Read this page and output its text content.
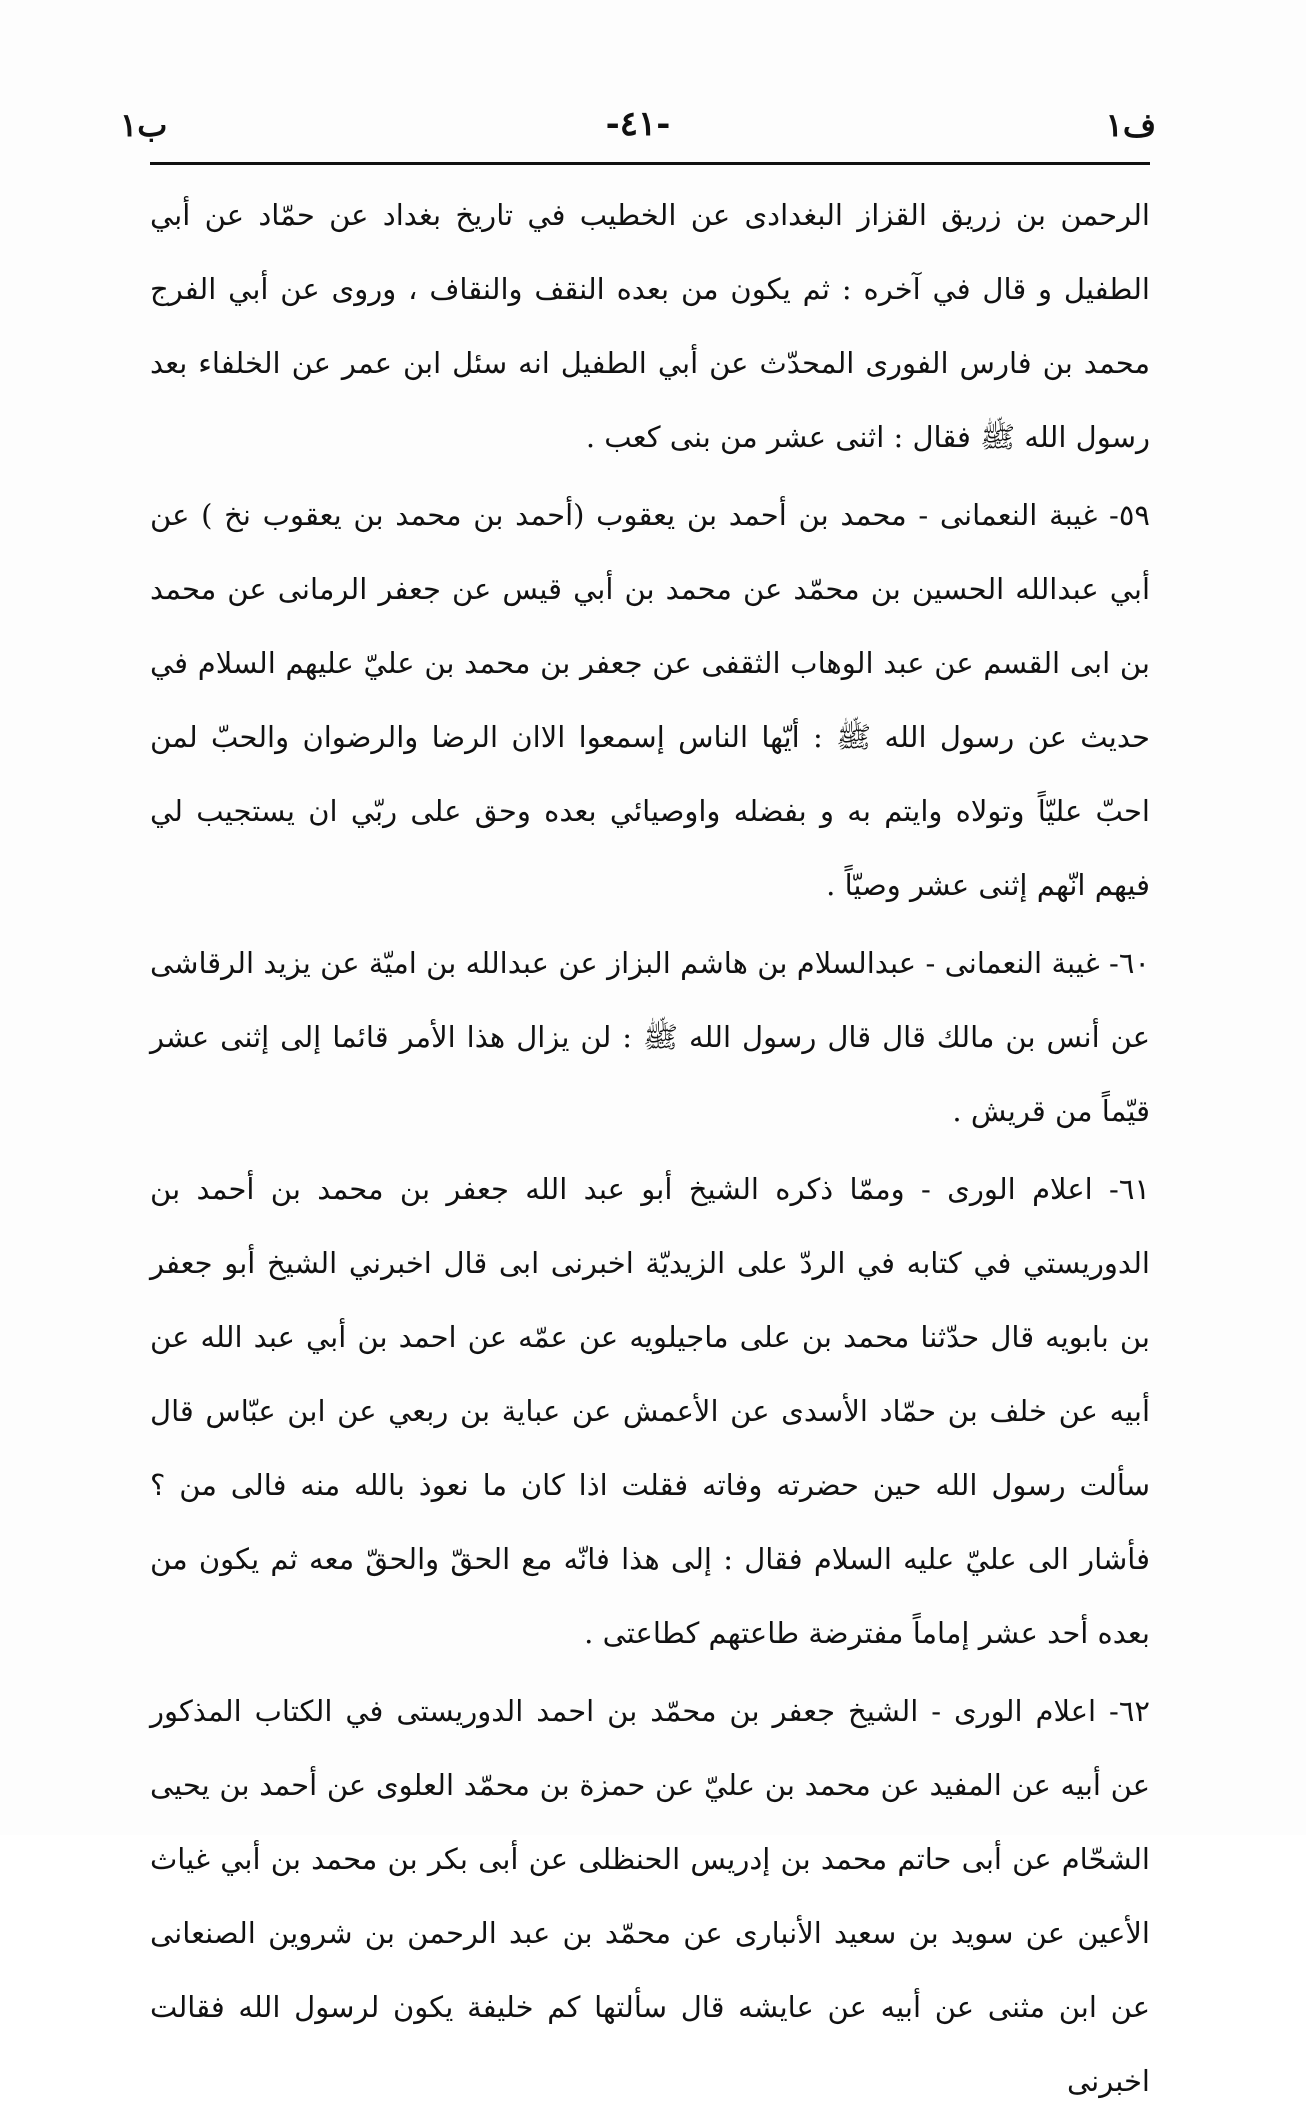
ب١	-٤١-	ف١

الرحمن بن زريق القزاز البغدادى عن الخطيب في تاريخ بغداد عن حمّاد عن أبي الطفيل و قال في آخره : ثم يكون من بعده النقف والنقاف ، وروى عن أبي الفرج محمد بن فارس الفورى المحدّث عن أبي الطفيل انه سئل ابن عمر عن الخلفاء بعد رسول الله ﷺ فقال : اثنى عشر من بنى كعب .

٥٩- غيبة النعمانى - محمد بن أحمد بن يعقوب (أحمد بن محمد بن يعقوب نخ ) عن أبي عبدالله الحسين بن محمّد عن محمد بن أبي قيس عن جعفر الرمانى عن محمد بن ابى القسم عن عبد الوهاب الثقفى عن جعفر بن محمد بن عليّ عليهم السلام في حديث عن رسول الله ﷺ : أيّها الناس إسمعوا الاان الرضا والرضوان والحبّ لمن احبّ عليّاً وتولاه وايتم به و بفضله واوصيائي بعده وحق على ربّي ان يستجيب لي فيهم انّهم إثنى عشر وصيّاً .

٦٠- غيبة النعمانى - عبدالسلام بن هاشم البزاز عن عبدالله بن اميّة عن يزيد الرقاشى عن أنس بن مالك قال قال رسول الله ﷺ : لن يزال هذا الأمر قائما إلى إثنى عشر قيّماً من قريش .

٦١- اعلام الورى - وممّا ذكره الشيخ أبو عبد الله جعفر بن محمد بن أحمد بن الدوريستي في كتابه في الردّ على الزيديّة اخبرنى ابى قال اخبرني الشيخ أبو جعفر بن بابويه قال حدّثنا محمد بن على ماجيلويه عن عمّه عن احمد بن أبي عبد الله عن أبيه عن خلف بن حمّاد الأسدى عن الأعمش عن عباية بن ربعي عن ابن عبّاس قال سألت رسول الله حين حضرته وفاته فقلت اذا كان ما نعوذ بالله منه فالى من ؟ فأشار الى عليّ عليه السلام فقال : إلى هذا فانّه مع الحقّ والحقّ معه ثم يكون من بعده أحد عشر إماماً مفترضة طاعتهم كطاعتى .

٦٢- اعلام الورى - الشيخ جعفر بن محمّد بن احمد الدوريستى في الكتاب المذكور عن أبيه عن المفيد عن محمد بن عليّ عن حمزة بن محمّد العلوى عن أحمد بن يحيى الشحّام عن أبى حاتم محمد بن إدريس الحنظلى عن أبى بكر بن محمد بن أبي غياث الأعين عن سويد بن سعيد الأنبارى عن محمّد بن عبد الرحمن بن شروين الصنعانى عن ابن مثنى عن أبيه عن عايشه قال سألتها كم خليفة يكون لرسول الله فقالت اخبرنى
